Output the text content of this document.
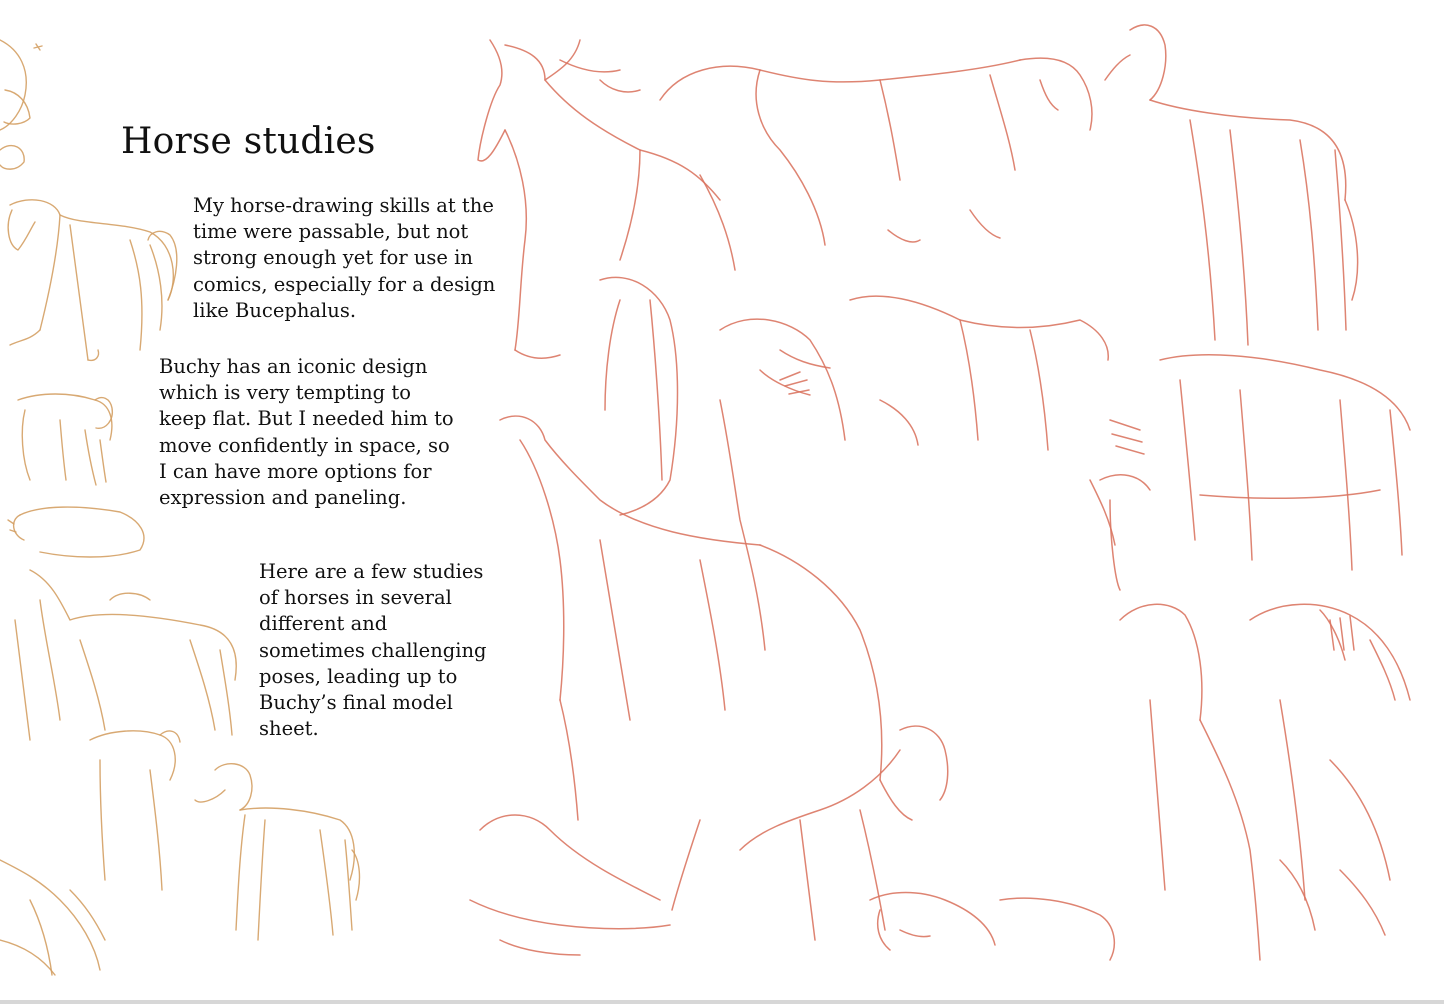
Horse studies

My horse-drawing skills at the time were passable, but not strong enough yet for use in comics, especially for a design like Bucephalus.

Buchy has an iconic design which is very tempting to keep flat. But I needed him to move confidently in space, so I can have more options for expression and paneling.

Here are a few studies of horses in several different and sometimes challenging poses, leading up to Buchy’s final model sheet.
